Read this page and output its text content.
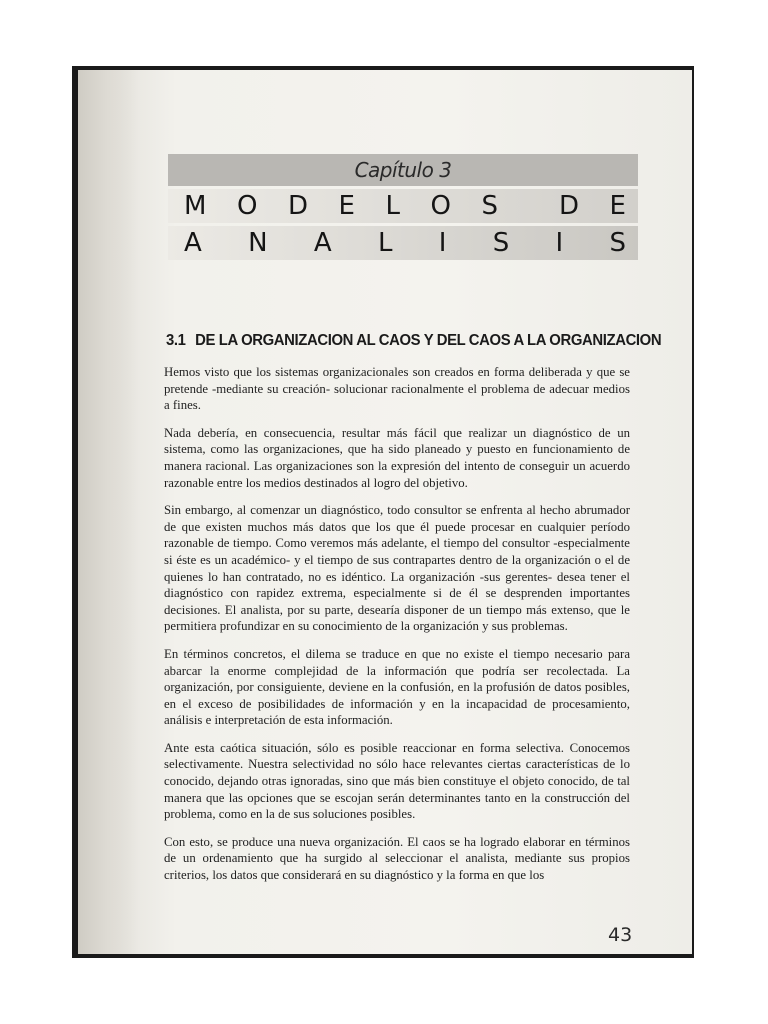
Capítulo 3
M O D E L O S D E
A N A L I S I S
3.1 DE LA ORGANIZACION AL CAOS Y DEL CAOS A LA ORGANIZACION

Hemos visto que los sistemas organizacionales son creados en forma deliberada y que se pretende -mediante su creación- solucionar racionalmente el problema de adecuar medios a fines.

Nada debería, en consecuencia, resultar más fácil que realizar un diagnóstico de un sistema, como las organizaciones, que ha sido planeado y puesto en funcionamiento de manera racional. Las organizaciones son la expresión del intento de conseguir un acuerdo razonable entre los medios destinados al logro del objetivo.

Sin embargo, al comenzar un diagnóstico, todo consultor se enfrenta al hecho abrumador de que existen muchos más datos que los que él puede procesar en cualquier período razonable de tiempo. Como veremos más adelante, el tiempo del consultor -especialmente si éste es un académico- y el tiempo de sus contrapartes dentro de la organización o el de quienes lo han contratado, no es idéntico. La organización -sus gerentes- desea tener el diagnóstico con rapidez extrema, especialmente si de él se desprenden importantes decisiones. El analista, por su parte, desearía disponer de un tiempo más extenso, que le permitiera profundizar en su conocimiento de la organización y sus problemas.

En términos concretos, el dilema se traduce en que no existe el tiempo necesario para abarcar la enorme complejidad de la información que podría ser recolectada. La organización, por consiguiente, deviene en la confusión, en la profusión de datos posibles, en el exceso de posibilidades de información y en la incapacidad de procesamiento, análisis e interpretación de esta información.

Ante esta caótica situación, sólo es posible reaccionar en forma selectiva. Conocemos selectivamente. Nuestra selectividad no sólo hace relevantes ciertas características de lo conocido, dejando otras ignoradas, sino que más bien constituye el objeto conocido, de tal manera que las opciones que se escojan serán determinantes tanto en la construcción del problema, como en la de sus soluciones posibles.

Con esto, se produce una nueva organización. El caos se ha logrado elaborar en términos de un ordenamiento que ha surgido al seleccionar el analista, mediante sus propios criterios, los datos que considerará en su diagnóstico y la forma en que los

43
